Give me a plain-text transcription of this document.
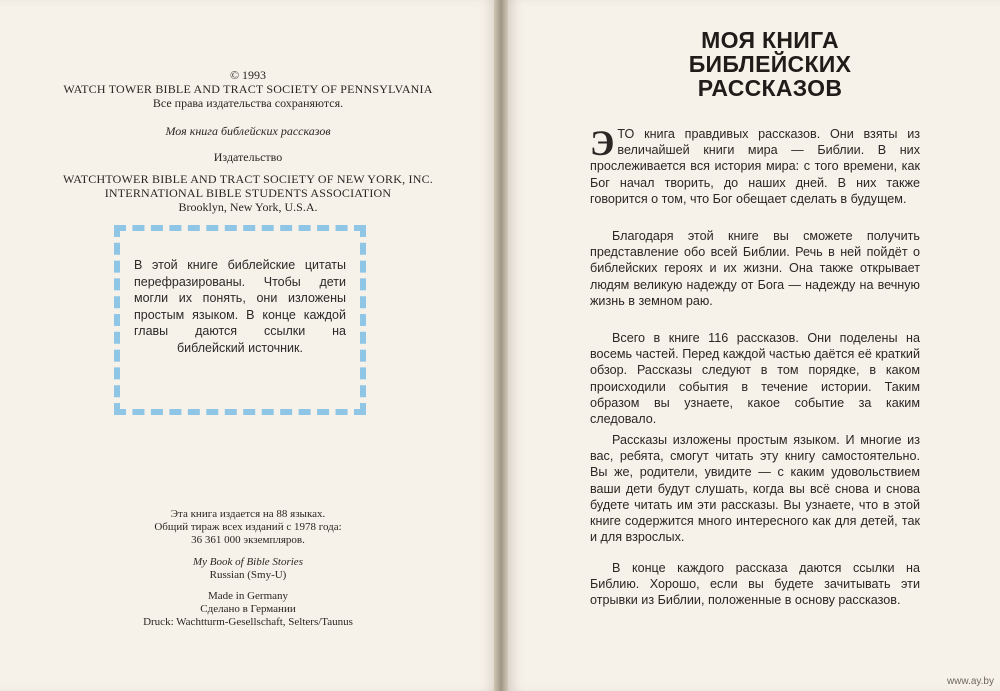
© 1993
WATCH TOWER BIBLE AND TRACT SOCIETY OF PENNSYLVANIA
Все права издательства сохраняются.
Моя книга библейских рассказов
Издательство
WATCHTOWER BIBLE AND TRACT SOCIETY OF NEW YORK, INC.
INTERNATIONAL BIBLE STUDENTS ASSOCIATION
Brooklyn, New York, U.S.A.
В этой книге библейские цитаты перефразированы. Чтобы дети могли их понять, они изложены простым языком. В конце каждой главы даются ссылки на библейский источник.
Эта книга издается на 88 языках.
Общий тираж всех изданий с 1978 года:
36 361 000 экземпляров.
My Book of Bible Stories
Russian (Smy-U)
Made in Germany
Сделано в Германии
Druck: Wachtturm-Gesellschaft, Selters/Taunus
МОЯ КНИГА
БИБЛЕЙСКИХ
РАССКАЗОВ

ЭТО книга правдивых рассказов. Они взяты из величайшей книги мира — Библии. В них прослеживается вся история мира: с того времени, как Бог начал творить, до наших дней. В них также говорится о том, что Бог обещает сделать в будущем.

Благодаря этой книге вы сможете получить представление обо всей Библии. Речь в ней пойдёт о библейских героях и их жизни. Она также открывает людям великую надежду от Бога — надежду на вечную жизнь в земном раю.

Всего в книге 116 рассказов. Они поделены на восемь частей. Перед каждой частью даётся её краткий обзор. Рассказы следуют в том порядке, в каком происходили события в течение истории. Таким образом вы узнаете, какое событие за каким следовало.

Рассказы изложены простым языком. И многие из вас, ребята, смогут читать эту книгу самостоятельно. Вы же, родители, увидите — с каким удовольствием ваши дети будут слушать, когда вы всё снова и снова будете читать им эти рассказы. Вы узнаете, что в этой книге содержится много интересного как для детей, так и для взрослых.

В конце каждого рассказа даются ссылки на Библию. Хорошо, если вы будете зачитывать эти отрывки из Библии, положенные в основу рассказов.

www.ay.by
